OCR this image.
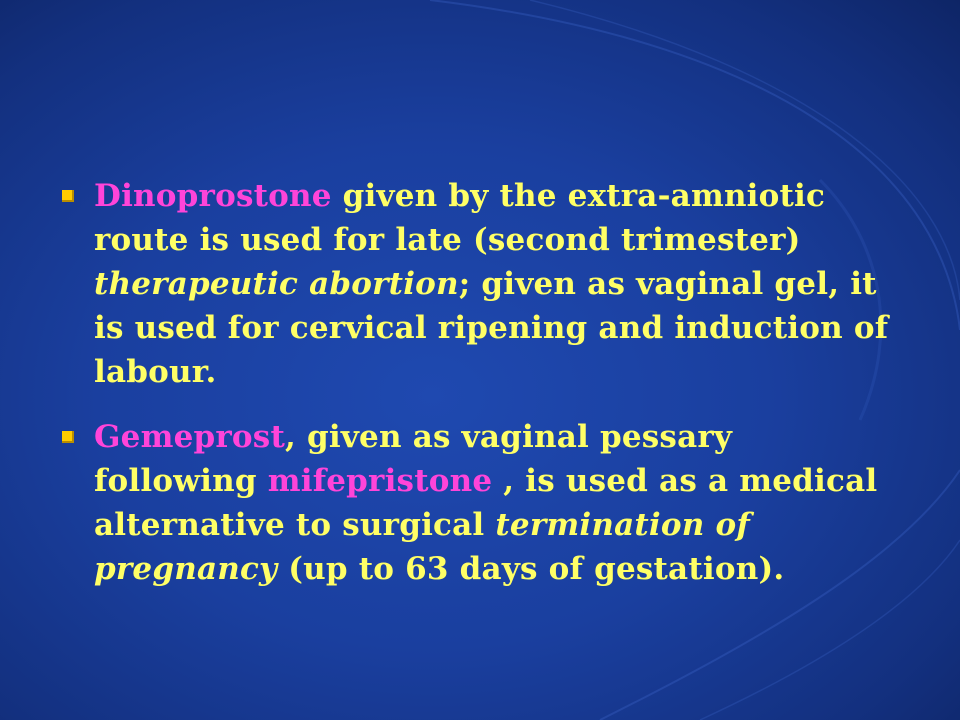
Dinoprostone given by the extra-amniotic
route is used for late (second trimester)
therapeutic abortion; given as vaginal gel, it
is used for cervical ripening and induction of
labour.
Gemeprost, given as vaginal pessary
following mifepristone , is used as a medical
alternative to surgical termination of
pregnancy (up to 63 days of gestation).
